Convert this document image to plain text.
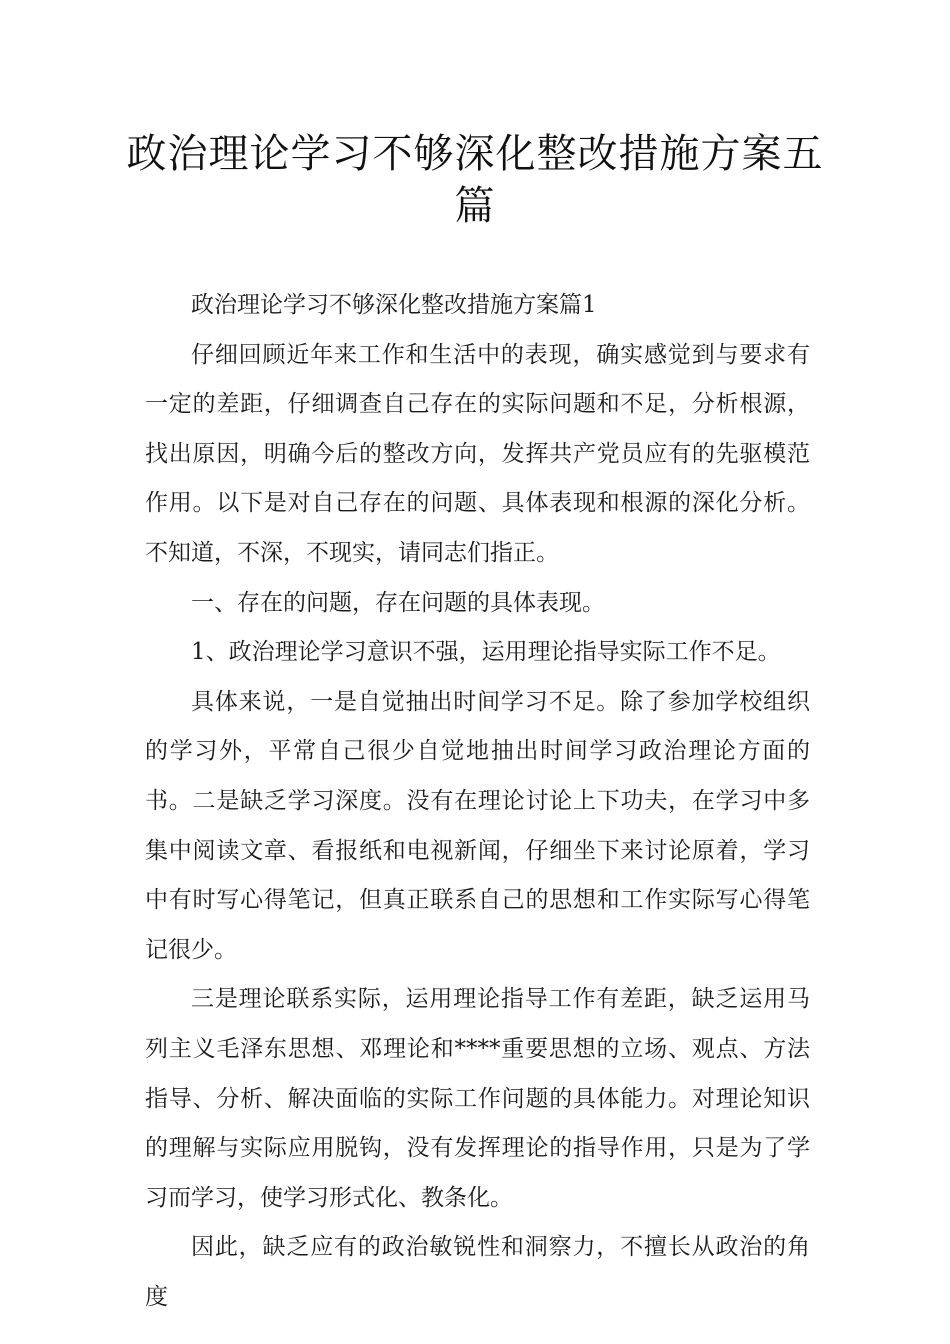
政治理论学习不够深化整改措施方案五篇

政治理论学习不够深化整改措施方案篇1

仔细回顾近年来工作和生活中的表现，确实感觉到与要求有一定的差距，仔细调查自己存在的实际问题和不足，分析根源，找出原因，明确今后的整改方向，发挥共产党员应有的先驱模范作用。以下是对自己存在的问题、具体表现和根源的深化分析。不知道，不深，不现实，请同志们指正。

一、存在的问题，存在问题的具体表现。

1、政治理论学习意识不强，运用理论指导实际工作不足。

具体来说，一是自觉抽出时间学习不足。除了参加学校组织的学习外，平常自己很少自觉地抽出时间学习政治理论方面的书。二是缺乏学习深度。没有在理论讨论上下功夫，在学习中多集中阅读文章、看报纸和电视新闻，仔细坐下来讨论原着，学习中有时写心得笔记，但真正联系自己的思想和工作实际写心得笔记很少。

三是理论联系实际，运用理论指导工作有差距，缺乏运用马列主义毛泽东思想、邓理论和****重要思想的立场、观点、方法指导、分析、解决面临的实际工作问题的具体能力。对理论知识的理解与实际应用脱钩，没有发挥理论的指导作用，只是为了学习而学习，使学习形式化、教条化。

因此，缺乏应有的政治敏锐性和洞察力，不擅长从政治的角度
